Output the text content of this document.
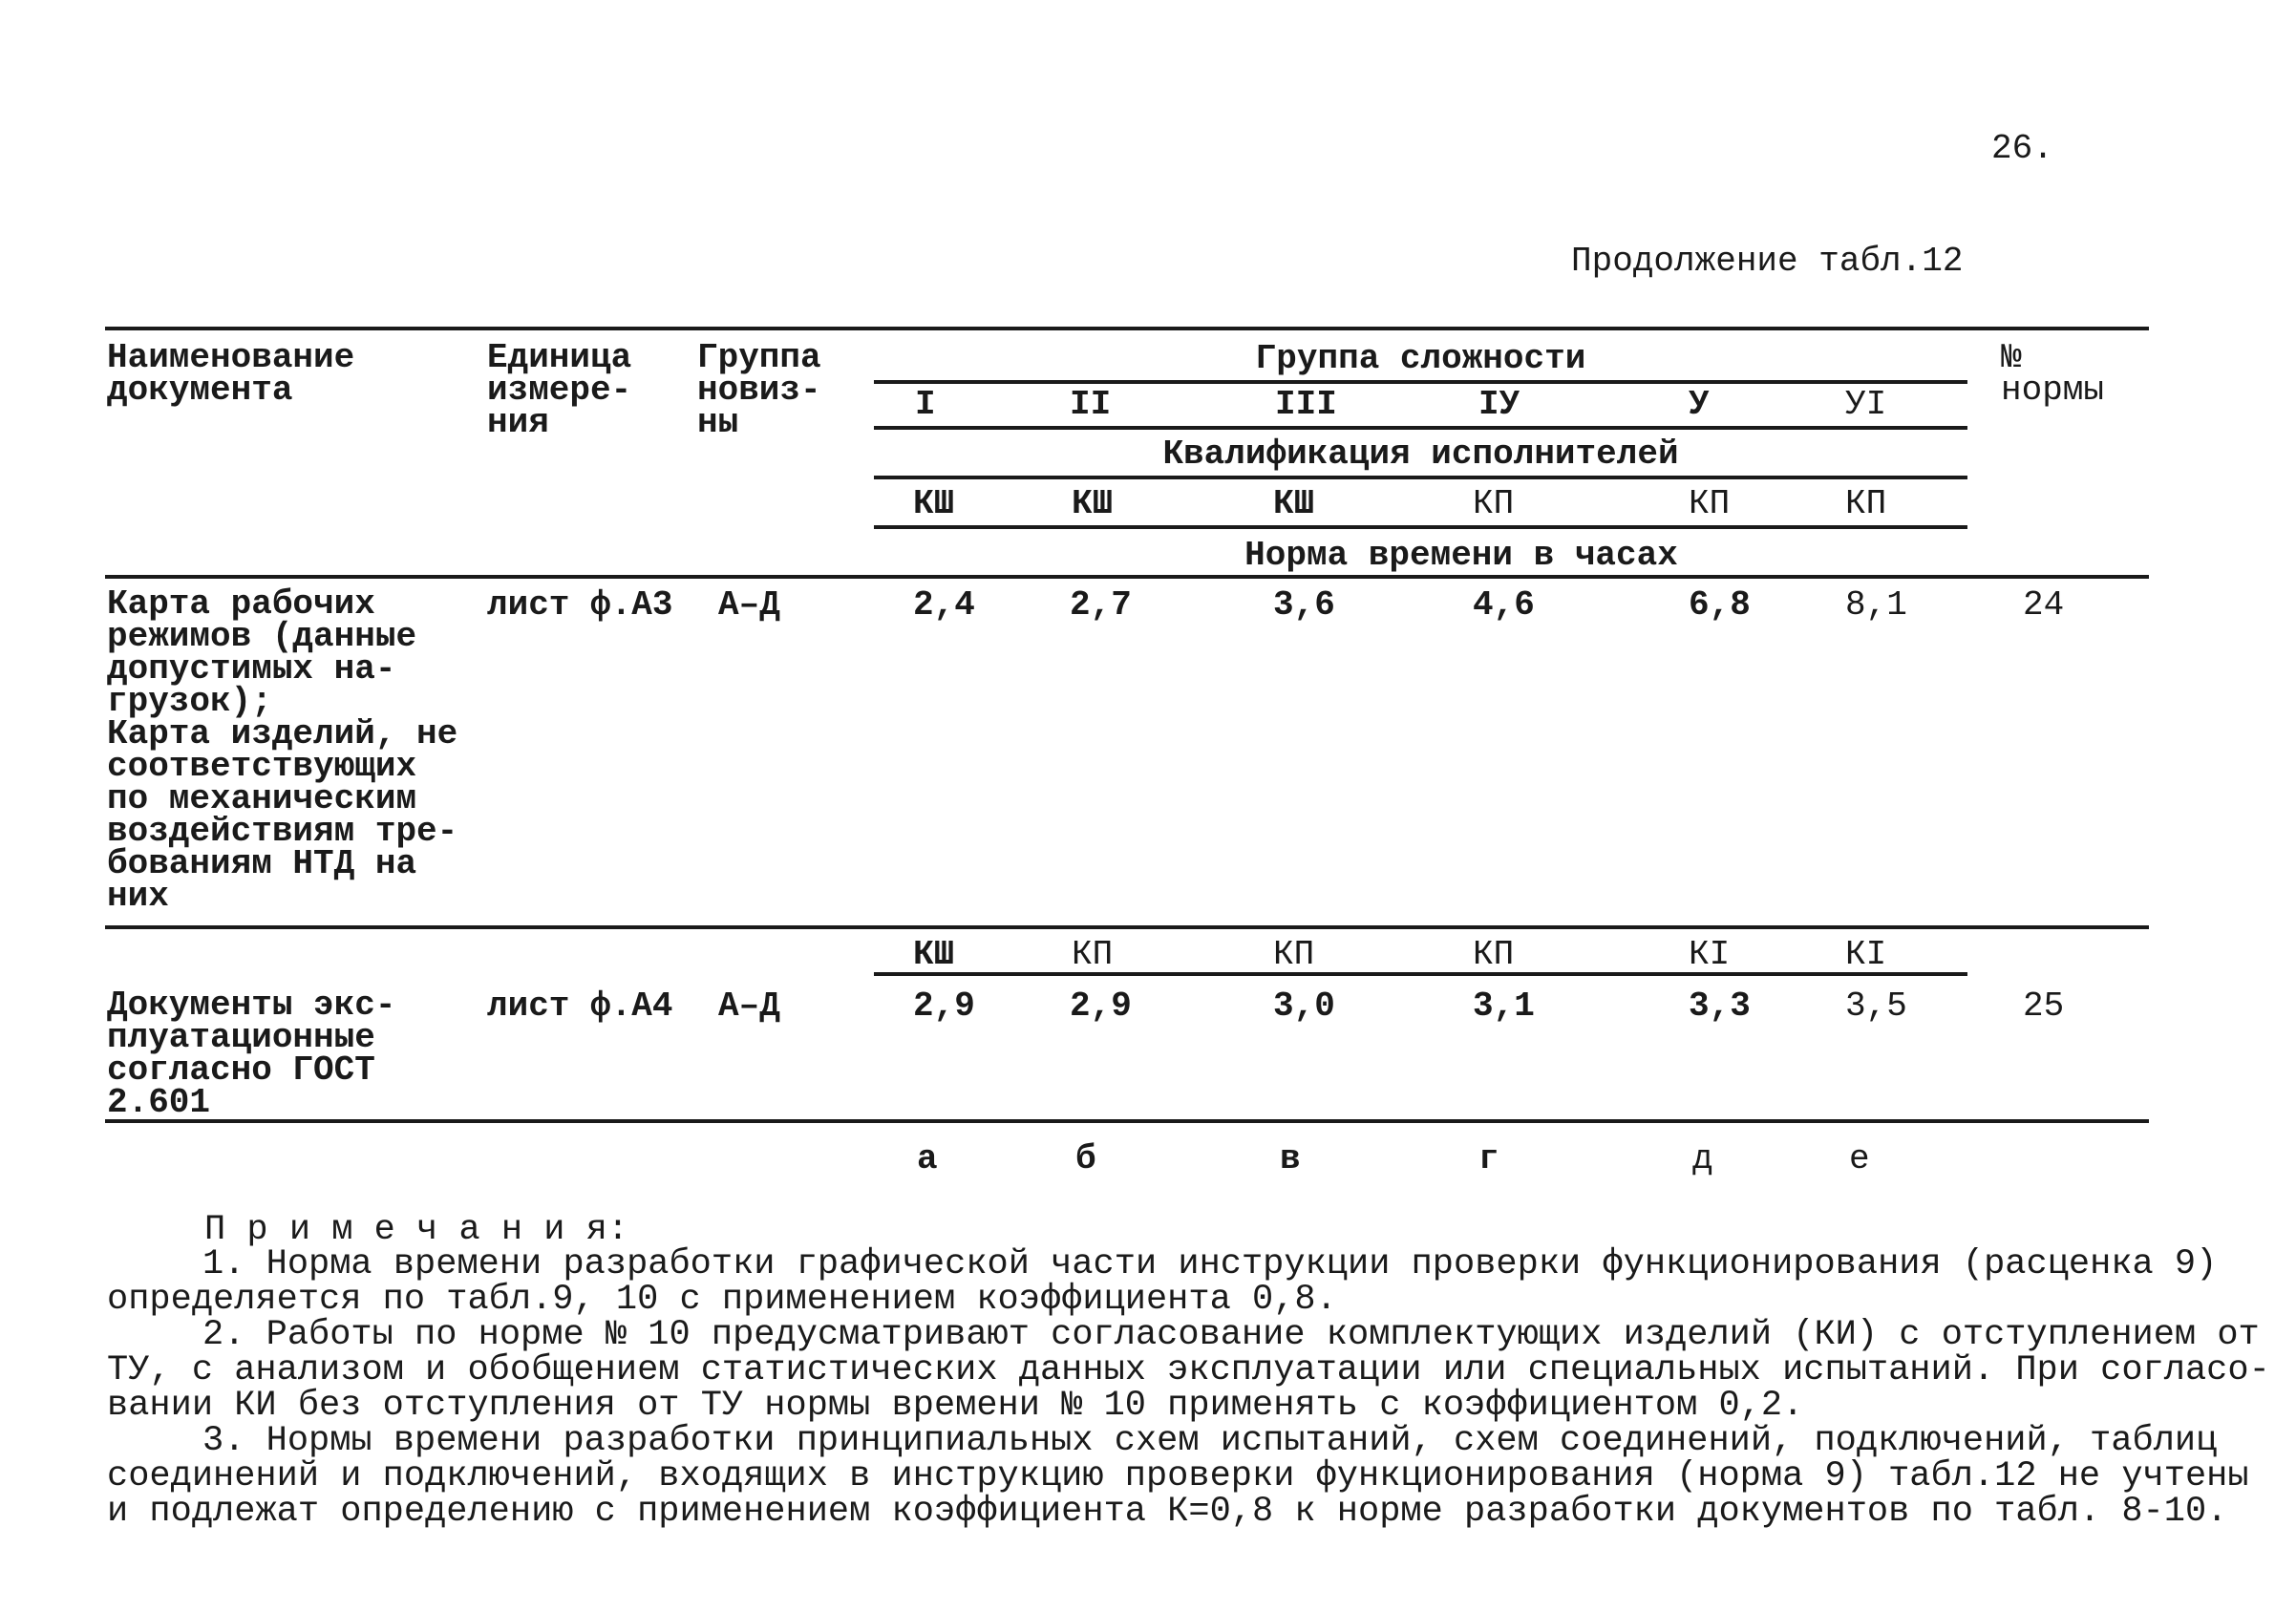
26.
Продолжение табл.12
Наименование
документа
Единица
измере-
ния
Группа
новиз-
ны
№
нормы
Группа сложности
I	II	III	IУ	У	УI
Квалификация исполнителей
КШ	КШ	КШ	КП	КП	КП
Норма времени в часах
Карта рабочих
режимов (данные
допустимых на-
грузок);
Карта изделий, не
соответствующих
по механическим
воздействиям тре-
бованиям НТД на
них
лист ф.А3 А–Д	2,4	2,7	3,6	4,6	6,8	8,1	24
КШ	КП	КП	КП	КI	КI
Документы экс-
плуатационные
согласно ГОСТ
2.601
лист ф.А4 А–Д	2,9	2,9	3,0	3,1	3,3	3,5	25
а	б	в	г	д	е
П р и м е ч а н и я:
1. Норма времени разработки графической части инструкции проверки функционирования (расценка 9)
определяется по табл.9, 10 с применением коэффициента 0,8.
2. Работы по норме № 10 предусматривают согласование комплектующих изделий (КИ) с отступлением от
ТУ, с анализом и обобщением статистических данных эксплуатации или специальных испытаний. При согласо-
вании КИ без отступления от ТУ нормы времени № 10 применять с коэффициентом 0,2.
3. Нормы времени разработки принципиальных схем испытаний, схем соединений, подключений, таблиц
соединений и подключений, входящих в инструкцию проверки функционирования (норма 9) табл.12 не учтены
и подлежат определению с применением коэффициента К=0,8 к норме разработки документов по табл. 8-10.
